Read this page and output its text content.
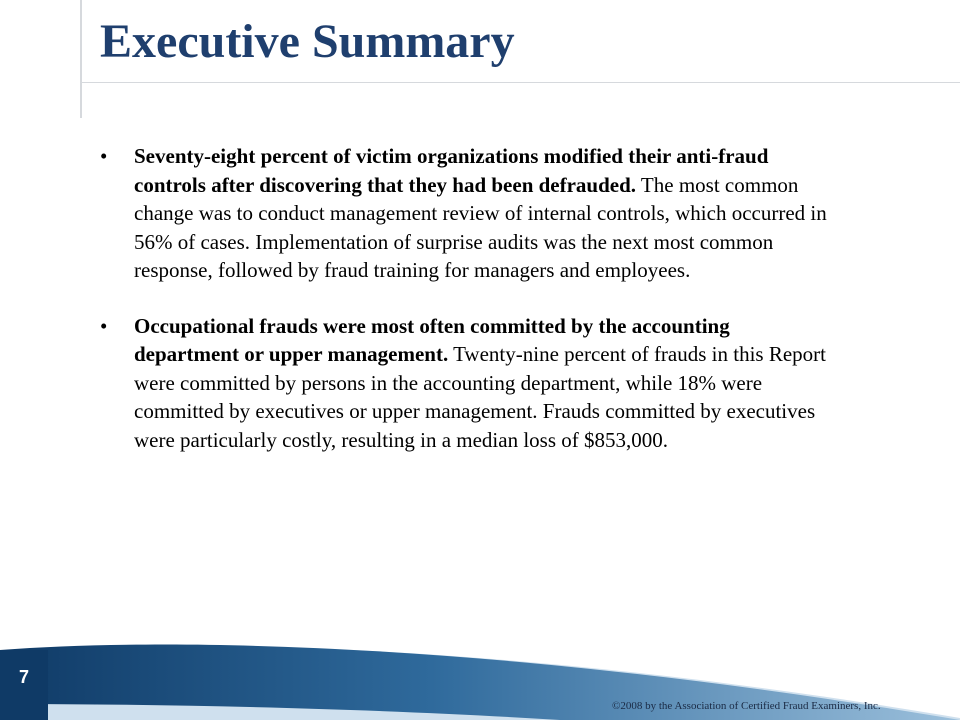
Executive Summary
•	Seventy-eight percent of victim organizations modified their anti-fraud controls after discovering that they had been defrauded. The most common change was to conduct management review of internal controls, which occurred in 56% of cases. Implementation of surprise audits was the next most common response, followed by fraud training for managers and employees.
•	Occupational frauds were most often committed by the accounting department or upper management. Twenty-nine percent of frauds in this Report were committed by persons in the accounting department, while 18% were committed by executives or upper management. Frauds committed by executives were particularly costly, resulting in a median loss of $853,000.
7
©2008 by the Association of Certified Fraud Examiners, Inc.
